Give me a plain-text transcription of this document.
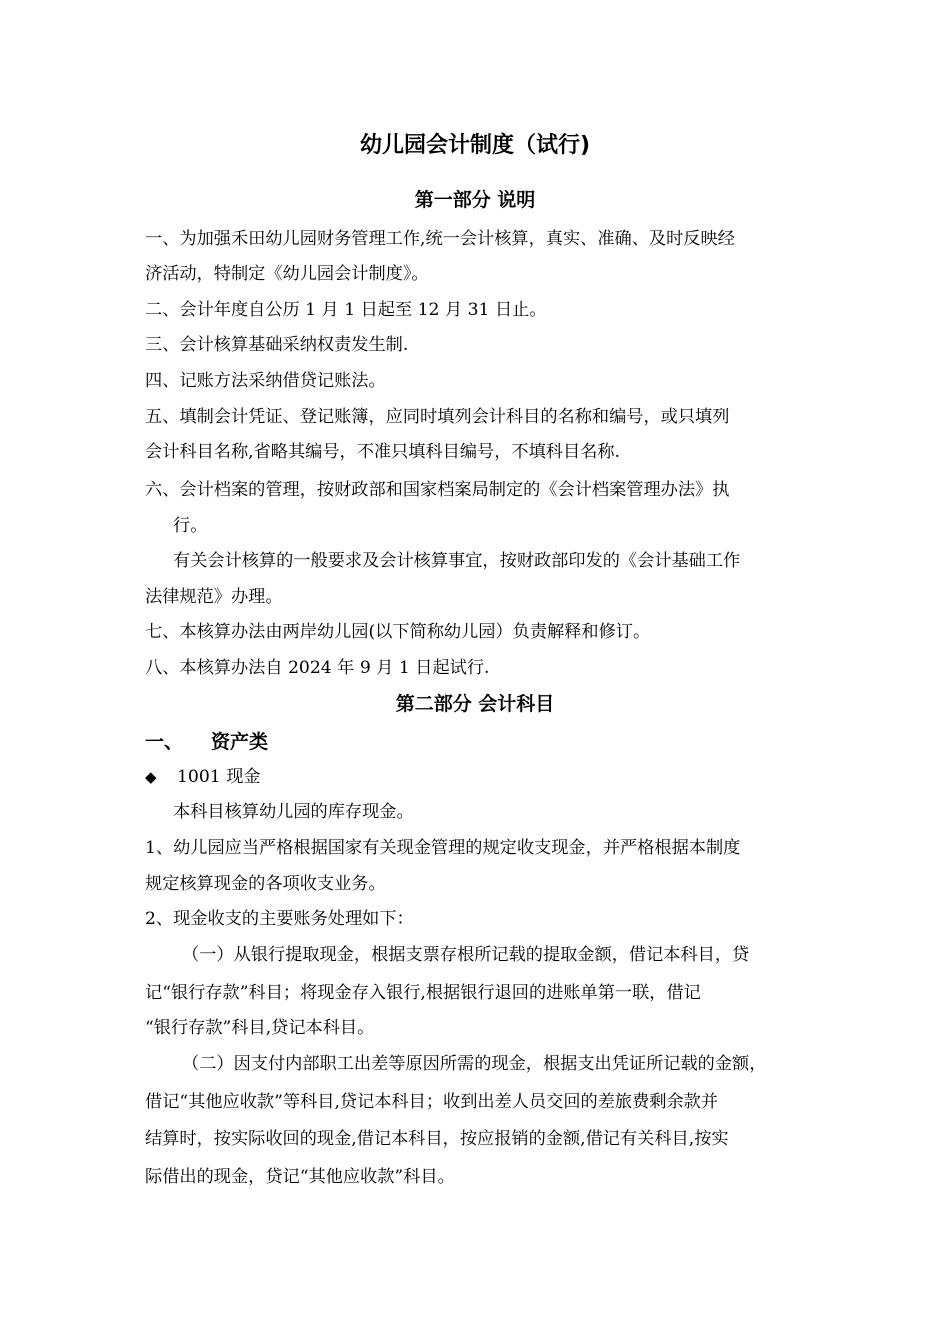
幼儿园会计制度（试行)
第一部分 说明
一、为加强禾田幼儿园财务管理工作,统一会计核算，真实、准确、及时反映经
济活动，特制定《幼儿园会计制度》。
二、会计年度自公历 1 月 1 日起至 12 月 31 日止。
三、会计核算基础采纳权责发生制.
四、记账方法采纳借贷记账法。
五、填制会计凭证、登记账簿，应同时填列会计科目的名称和编号，或只填列
会计科目名称,省略其编号，不准只填科目编号，不填科目名称.
六、会计档案的管理，按财政部和国家档案局制定的《会计档案管理办法》执
行。
有关会计核算的一般要求及会计核算事宜，按财政部印发的《会计基础工作
法律规范》办理。
七、本核算办法由两岸幼儿园(以下简称幼儿园）负责解释和修订。
八、本核算办法自 2024 年 9 月 1 日起试行.
第二部分 会计科目
一、 资产类
◆ 1001 现金
本科目核算幼儿园的库存现金。
1、幼儿园应当严格根据国家有关现金管理的规定收支现金，并严格根据本制度
规定核算现金的各项收支业务。
2、现金收支的主要账务处理如下：
（一）从银行提取现金，根据支票存根所记载的提取金额，借记本科目，贷
记“银行存款”科目；将现金存入银行,根据银行退回的进账单第一联，借记
“银行存款”科目,贷记本科目。
（二）因支付内部职工出差等原因所需的现金，根据支出凭证所记载的金额，
借记“其他应收款”等科目,贷记本科目；收到出差人员交回的差旅费剩余款并
结算时，按实际收回的现金,借记本科目，按应报销的金额,借记有关科目,按实
际借出的现金，贷记“其他应收款”科目。
